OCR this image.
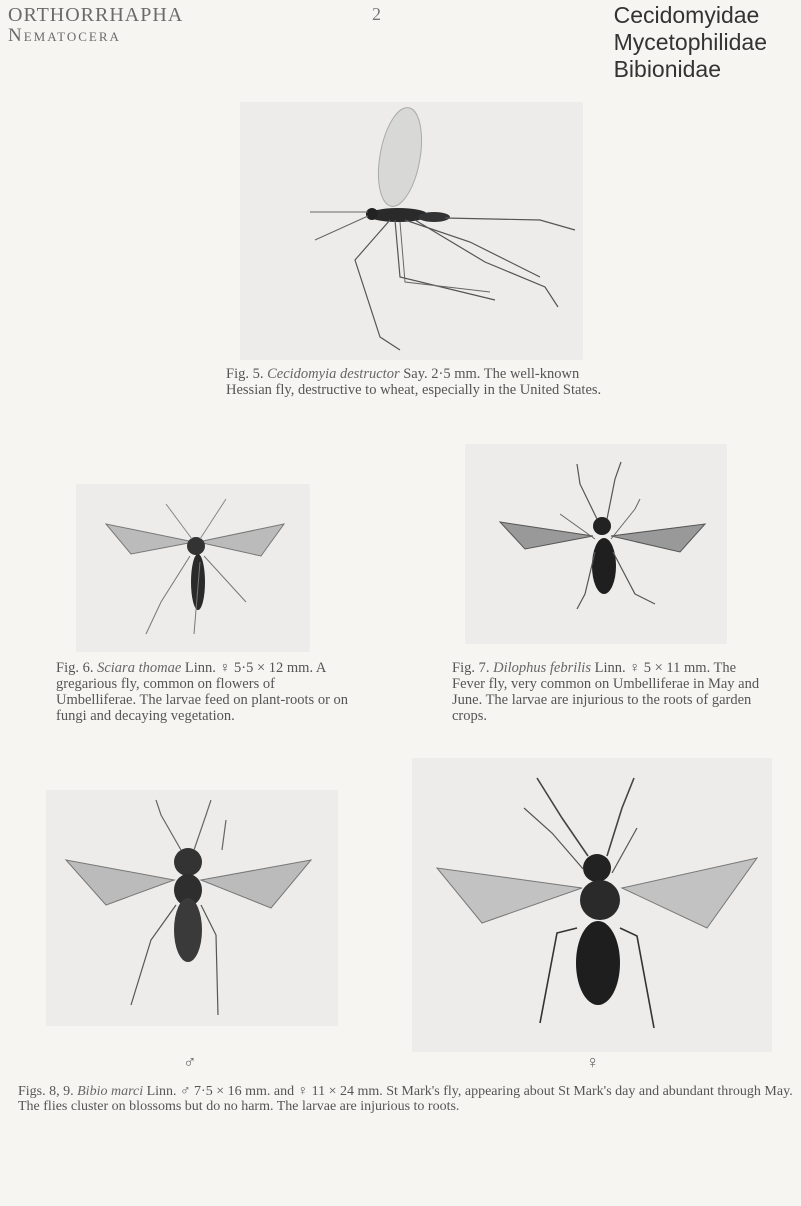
ORTHORRHAPHA
Nematocera
2	Cecidomyidae
Mycetophilidae
Bibionidae
Fig. 5. Cecidomyia destructor Say. 2·5 mm. The well-known Hessian fly, destructive to wheat, especially in the United States.
Fig. 6. Sciara thomae Linn. ♀ 5·5 × 12 mm. A gregarious fly, common on flowers of Umbelliferae. The larvae feed on plant-roots or on fungi and decaying vegetation.
Fig. 7. Dilophus febrilis Linn. ♀ 5 × 11 mm. The Fever fly, very common on Umbelliferae in May and June. The larvae are injurious to the roots of garden crops.
♂	♀
Figs. 8, 9. Bibio marci Linn. ♂ 7·5 × 16 mm. and ♀ 11 × 24 mm. St Mark's fly, appearing about St Mark's day and abundant through May. The flies cluster on blossoms but do no harm. The larvae are injurious to roots.
